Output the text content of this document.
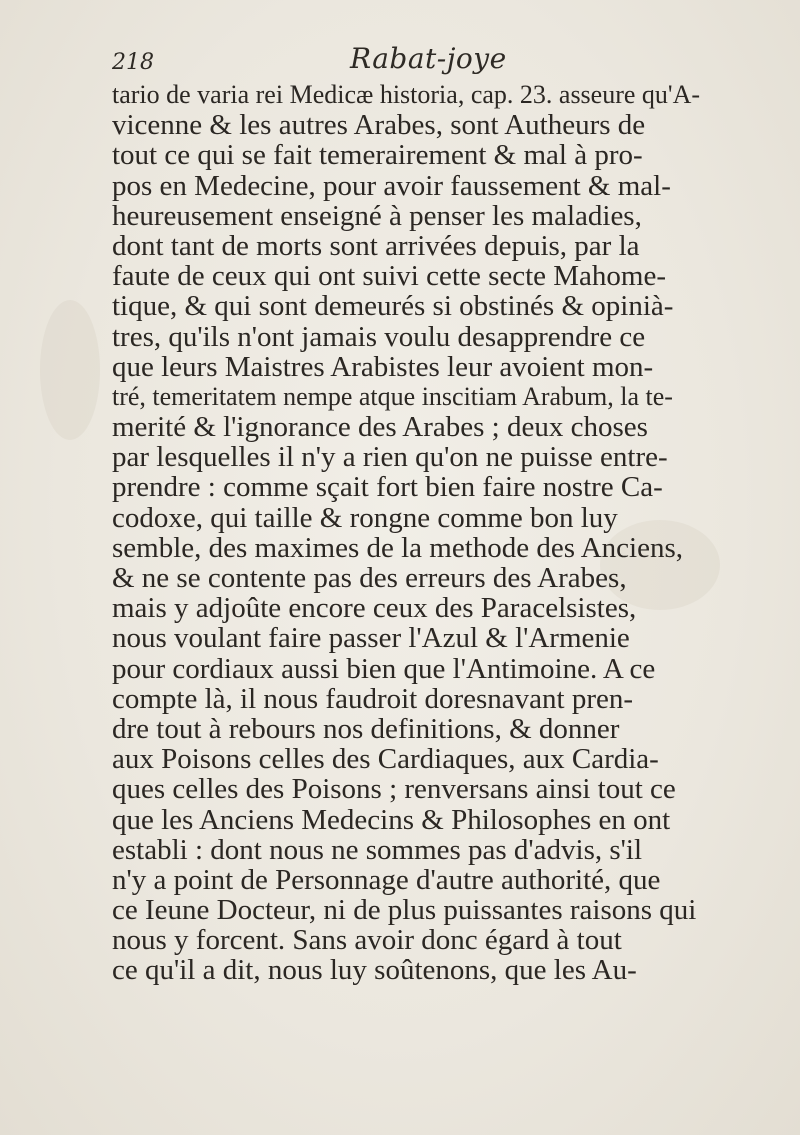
218	Rabat-joye
tario de varia rei Medicæ historia, cap. 23. asseure qu'A-
vicenne & les autres Arabes, sont Autheurs de
tout ce qui se fait temerairement & mal à pro-
pos en Medecine, pour avoir faussement & mal-
heureusement enseigné à penser les maladies,
dont tant de morts sont arrivées depuis, par la
faute de ceux qui ont suivi cette secte Mahome-
tique, & qui sont demeurés si obstinés & opinià-
tres, qu'ils n'ont jamais voulu desapprendre ce
que leurs Maistres Arabistes leur avoient mon-
tré, temeritatem nempe atque inscitiam Arabum, la te-
merité & l'ignorance des Arabes ; deux choses
par lesquelles il n'y a rien qu'on ne puisse entre-
prendre : comme sçait fort bien faire nostre Ca-
codoxe, qui taille & rongne comme bon luy
semble, des maximes de la methode des Anciens,
& ne se contente pas des erreurs des Arabes,
mais y adjoûte encore ceux des Paracelsistes,
nous voulant faire passer l'Azul & l'Armenie
pour cordiaux aussi bien que l'Antimoine. A ce
compte là, il nous faudroit doresnavant pren-
dre tout à rebours nos definitions, & donner
aux Poisons celles des Cardiaques, aux Cardia-
ques celles des Poisons ; renversans ainsi tout ce
que les Anciens Medecins & Philosophes en ont
establi : dont nous ne sommes pas d'advis, s'il
n'y a point de Personnage d'autre authorité, que
ce Ieune Docteur, ni de plus puissantes raisons qui
nous y forcent. Sans avoir donc égard à tout
ce qu'il a dit, nous luy soûtenons, que les Au-
